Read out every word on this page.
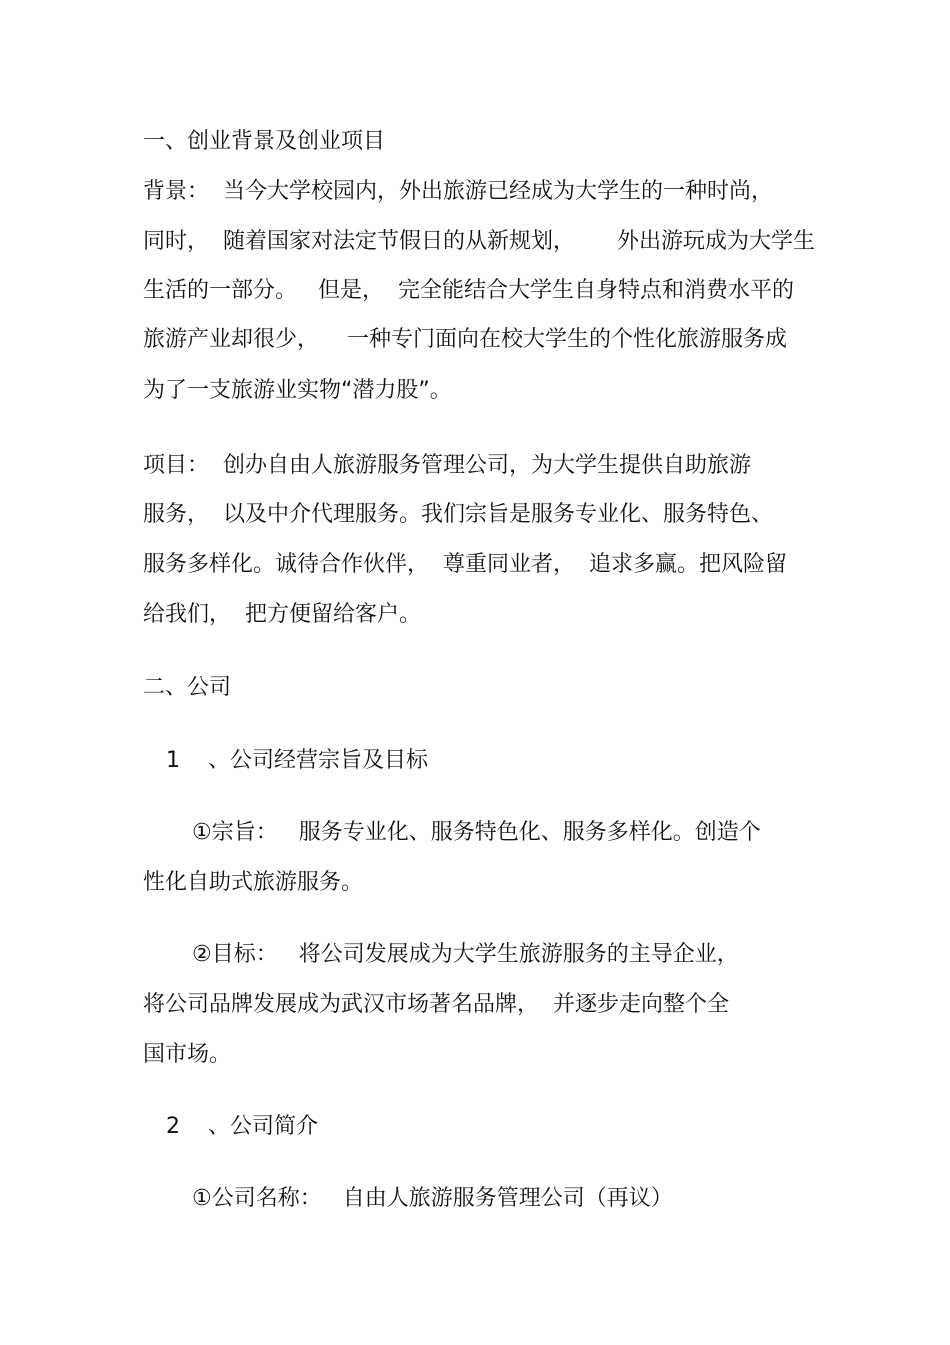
一、创业背景及创业项目

背景：  当今大学校园内，外出旅游已经成为大学生的一种时尚，

同时，  随着国家对法定节假日的从新规划，      外出游玩成为大学生

生活的一部分。   但是，  完全能结合大学生自身特点和消费水平的

旅游产业却很少，    一种专门面向在校大学生的个性化旅游服务成

为了一支旅游业实物“潜力股”。

项目：  创办自由人旅游服务管理公司，为大学生提供自助旅游

服务，  以及中介代理服务。我们宗旨是服务专业化、服务特色、

服务多样化。诚待合作伙伴，  尊重同业者，  追求多赢。把风险留

给我们，  把方便留给客户。

二、公司

1 、公司经营宗旨及目标

①宗旨：   服务专业化、服务特色化、服务多样化。创造个

性化自助式旅游服务。

②目标：   将公司发展成为大学生旅游服务的主导企业，

将公司品牌发展成为武汉市场著名品牌，  并逐步走向整个全

国市场。

2 、公司简介

①公司名称：   自由人旅游服务管理公司（再议）
